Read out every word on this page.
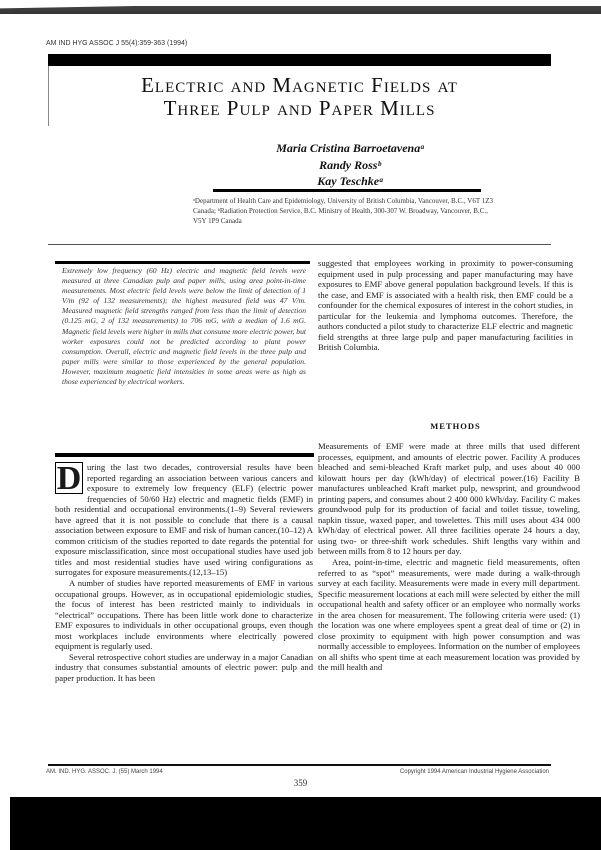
AM IND HYG ASSOC J 55(4):359-363 (1994)
Electric and Magnetic Fields at
Three Pulp and Paper Mills
Maria Cristina Barroetavenaᵃ
Randy Rossᵇ
Kay Teschkeᵃ
ᵃDepartment of Health Care and Epidemiology, University of British Columbia, Vancouver, B.C., V6T 1Z3 Canada; ᵇRadiation Protection Service, B.C. Ministry of Health, 300-307 W. Broadway, Vancouver, B.C., V5Y 1P9 Canada
Extremely low frequency (60 Hz) electric and magnetic field levels were measured at three Canadian pulp and paper mills, using area point-in-time measurements. Most electric field levels were below the limit of detection of 1 V/m (92 of 132 measurements); the highest measured field was 47 V/m. Measured magnetic field strengths ranged from less than the limit of detection (0.125 mG, 2 of 132 measurements) to 706 mG, with a median of 1.6 mG. Magnetic field levels were higher in mills that consume more electric power, but worker exposures could not be predicted according to plant power consumption. Overall, electric and magnetic field levels in the three pulp and paper mills were similar to those experienced by the general population. However, maximum magnetic field intensities in some areas were as high as those experienced by electrical workers.

suggested that employees working in proximity to power-consuming equipment used in pulp processing and paper manufacturing may have exposures to EMF above general population background levels. If this is the case, and EMF is associated with a health risk, then EMF could be a confounder for the chemical exposures of interest in the cohort studies, in particular for the leukemia and lymphoma outcomes. Therefore, the authors conducted a pilot study to characterize ELF electric and magnetic field strengths at three large pulp and paper manufacturing facilities in British Columbia.

METHODS

Measurements of EMF were made at three mills that used different processes, equipment, and amounts of electric power. Facility A produces bleached and semi-bleached Kraft market pulp, and uses about 40 000 kilowatt hours per day (kWh/day) of electrical power.(16) Facility B manufactures unbleached Kraft market pulp, newsprint, and groundwood printing papers, and consumes about 2 400 000 kWh/day. Facility C makes groundwood pulp for its production of facial and toilet tissue, toweling, napkin tissue, waxed paper, and towelettes. This mill uses about 434 000 kWh/day of electrical power. All three facilities operate 24 hours a day, using two- or three-shift work schedules. Shift lengths vary within and between mills from 8 to 12 hours per day.

Area, point-in-time, electric and magnetic field measurements, often referred to as “spot” measurements, were made during a walk-through survey at each facility. Measurements were made in every mill department. Specific measurement locations at each mill were selected by either the mill occupational health and safety officer or an employee who normally works in the area chosen for measurement. The following criteria were used: (1) the location was one where employees spent a great deal of time or (2) in close proximity to equipment with high power consumption and was normally accessible to employees. Information on the number of employees on all shifts who spent time at each measurement location was provided by the mill health and

D uring the last two decades, controversial results have been reported regarding an association between various cancers and exposure to extremely low frequency (ELF) (electric power frequencies of 50/60 Hz) electric and magnetic fields (EMF) in both residential and occupational environments.(1–9) Several reviewers have agreed that it is not possible to conclude that there is a causal association between exposure to EMF and risk of human cancer.(10–12) A common criticism of the studies reported to date regards the potential for exposure misclassification, since most occupational studies have used job titles and most residential studies have used wiring configurations as surrogates for exposure measurements.(12,13–15)

A number of studies have reported measurements of EMF in various occupational groups. However, as in occupational epidemiologic studies, the focus of interest has been restricted mainly to individuals in “electrical” occupations. There has been little work done to characterize EMF exposures to individuals in other occupational groups, even though most workplaces include environments where electrically powered equipment is regularly used.

Several retrospective cohort studies are underway in a major Canadian industry that consumes substantial amounts of electric power: pulp and paper production. It has been

AM. IND. HYG. ASSOC. J. (55) March 1994	Copyright 1994 American Industrial Hygiene Association
359
